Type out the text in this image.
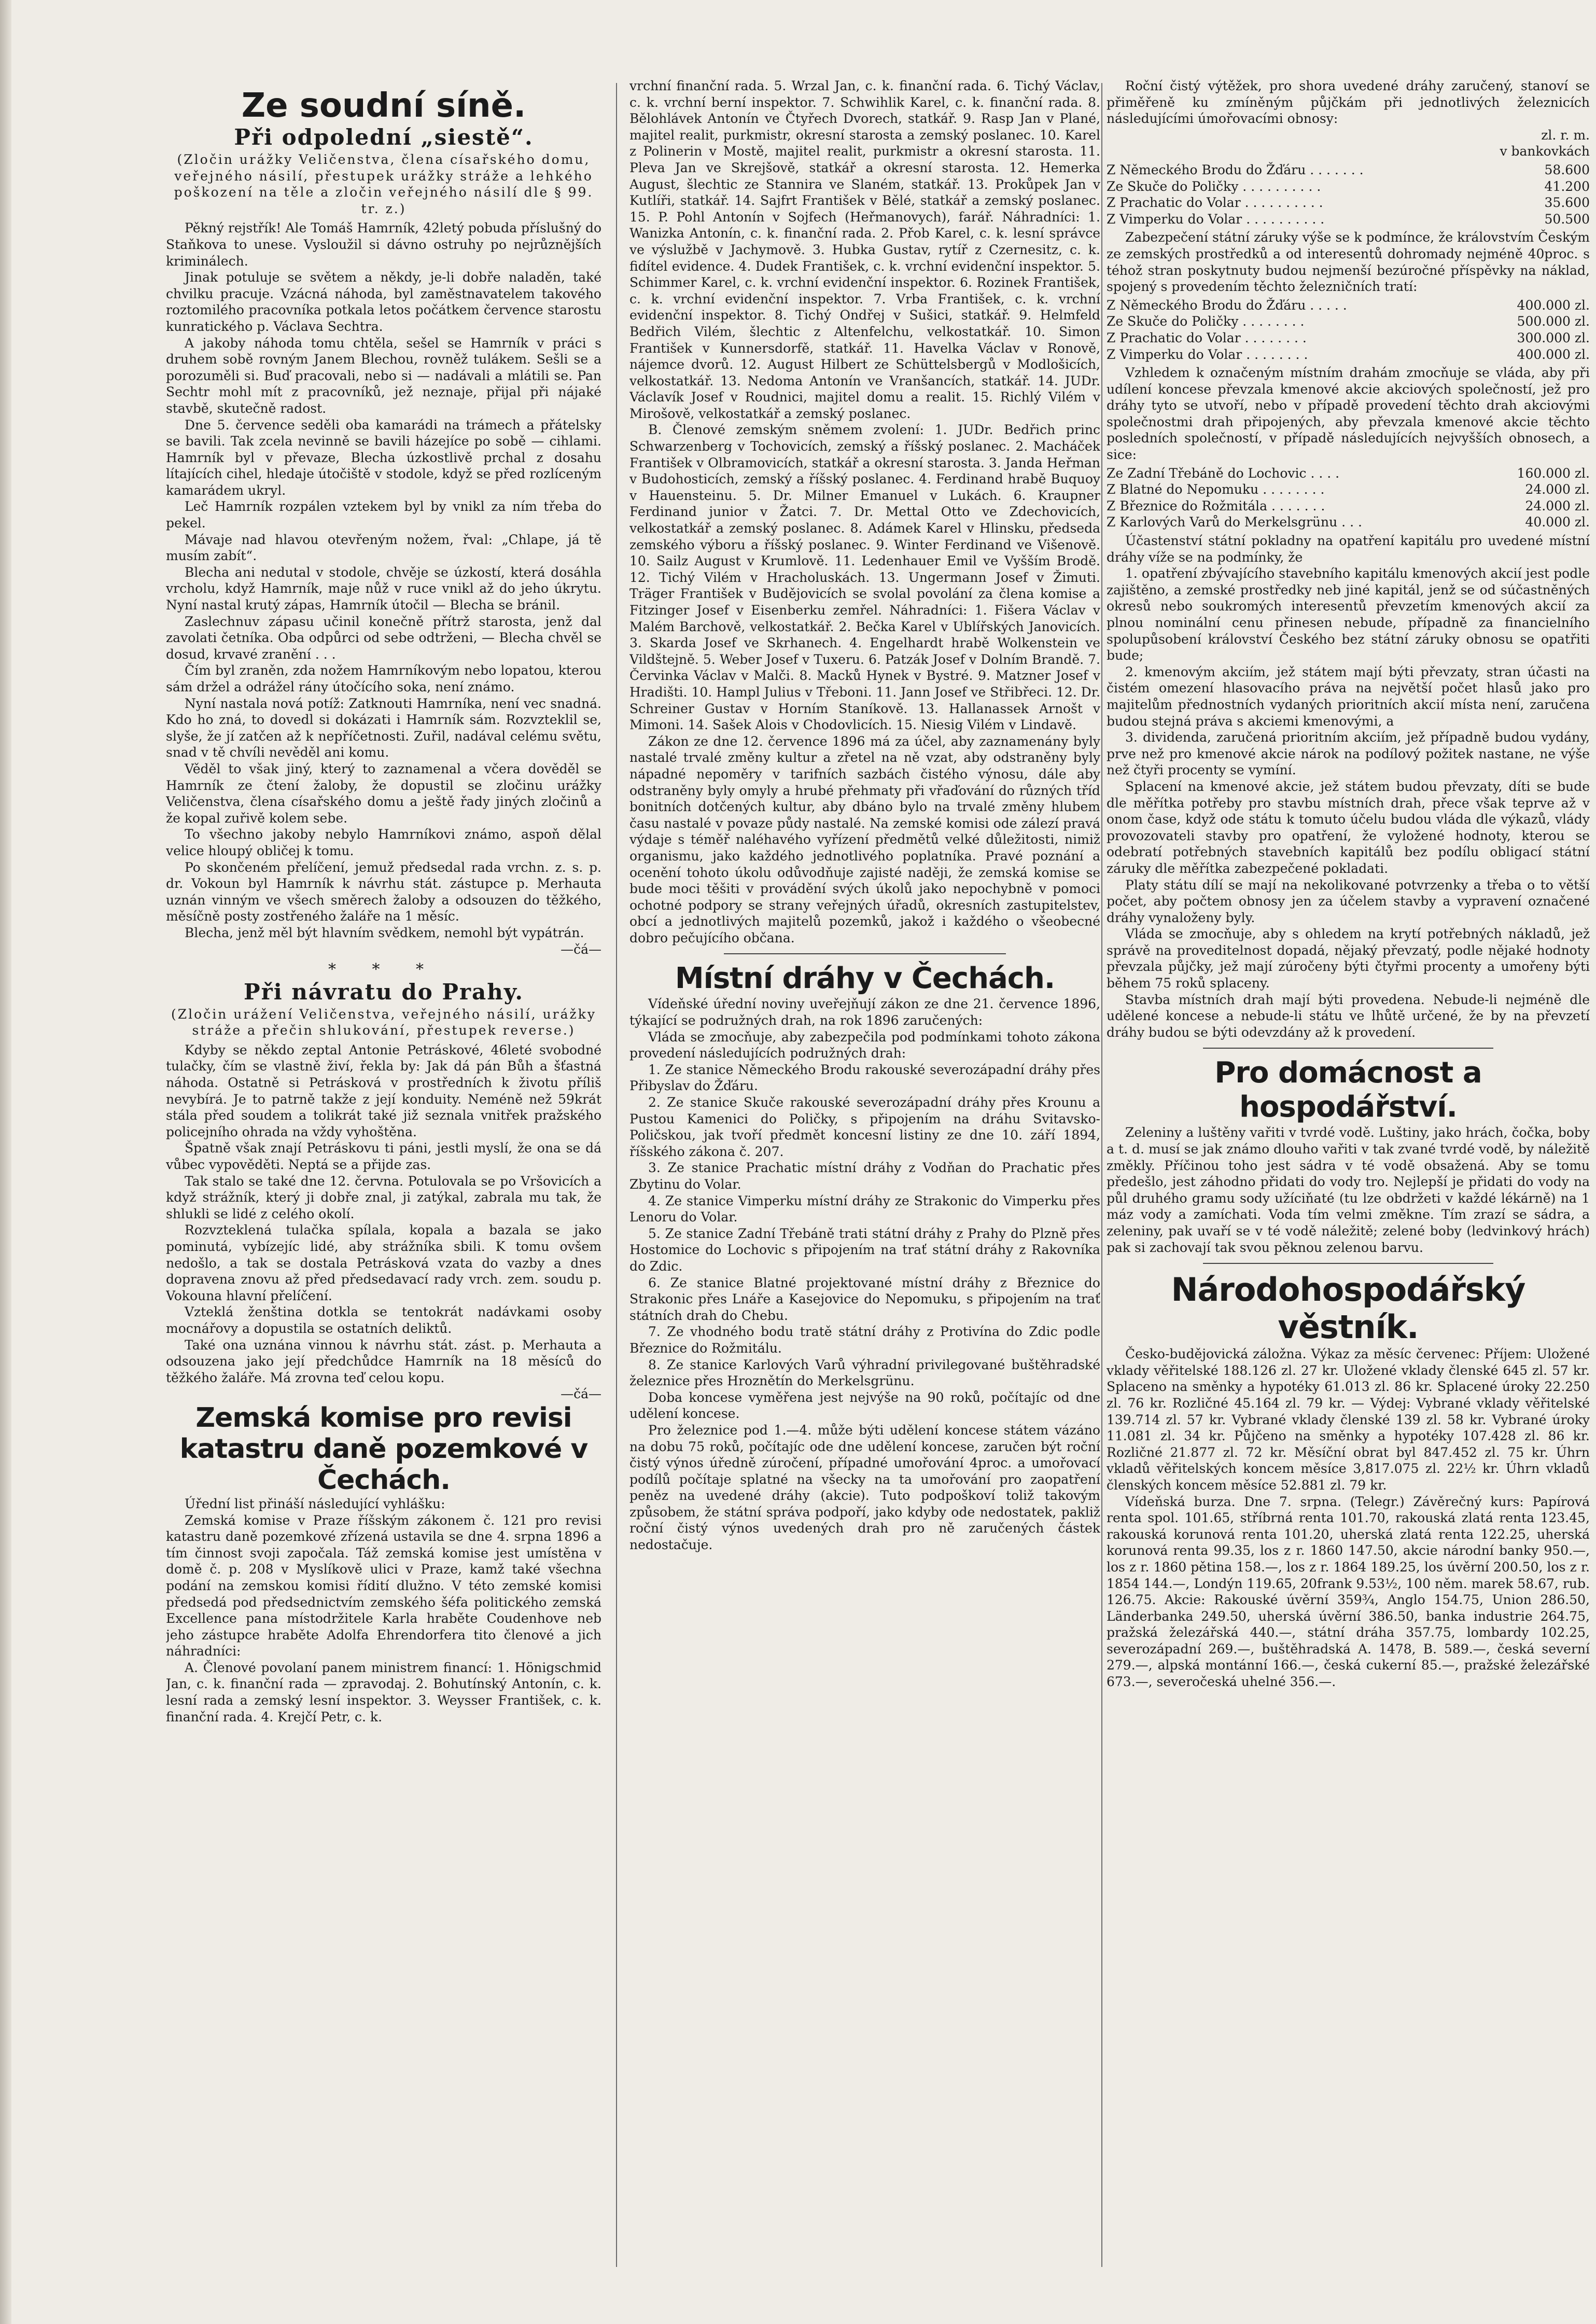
Ze soudní síně.
Při odpolední „siestě“.
(Zločin urážky Veličenstva, člena císařského domu, veřejného násilí, přestupek urážky stráže a lehkého poškození na těle a zločin veřejného násilí dle § 99. tr. z.)

Pěkný rejstřík! Ale Tomáš Hamrník, 42letý pobuda příslušný do Staňkova to unese. Vysloužil si dávno ostruhy po nejrůznějších kriminálech.

Jinak potuluje se světem a někdy, je-li dobře naladěn, také chvilku pracuje. Vzácná náhoda, byl zaměstnavatelem takového roztomilého pracovníka potkala letos počátkem července starostu kunratického p. Václava Sechtra.

A jakoby náhoda tomu chtěla, sešel se Hamrník v práci s druhem sobě rovným Janem Blechou, rovněž tulákem. Sešli se a porozuměli si. Buď pracovali, nebo si — nadávali a mlátili se. Pan Sechtr mohl mít z pracovníků, jež neznaje, přijal při nájaké stavbě, skutečně radost.

Dne 5. července seděli oba kamarádi na trámech a přátelsky se bavili. Tak zcela nevinně se bavili házejíce po sobě — cihlami. Hamrník byl v převaze, Blecha úzkostlivě prchal z dosahu lítajících cihel, hledaje útočiště v stodole, když se před rozlíceným kamarádem ukryl.

Leč Hamrník rozpálen vztekem byl by vnikl za ním třeba do pekel.

Mávaje nad hlavou otevřeným nožem, řval: „Chlape, já tě musím zabít“.

Blecha ani nedutal v stodole, chvěje se úzkostí, která dosáhla vrcholu, když Hamrník, maje nůž v ruce vnikl až do jeho úkrytu. Nyní nastal krutý zápas, Hamrník útočil — Blecha se bránil.

Zaslechnuv zápasu učinil konečně přítrž starosta, jenž dal zavolati četníka. Oba odpůrci od sebe odtrženi, — Blecha chvěl se dosud, krvavé zranění . . .

Čím byl zraněn, zda nožem Hamrníkovým nebo lopatou, kterou sám držel a odrážel rány útočícího soka, není známo.

Nyní nastala nová potíž: Zatknouti Hamrníka, není vec snadná. Kdo ho zná, to dovedl si dokázati i Hamrník sám. Rozvzteklil se, slyše, že jí zatčen až k nepříčetnosti. Zuřil, nadával celému světu, snad v tě chvíli nevěděl ani komu.

Věděl to však jiný, který to zaznamenal a včera dověděl se Hamrník ze čtení žaloby, že dopustil se zločinu urážky Veličenstva, člena císařského domu a ještě řady jiných zločinů a že kopal zuřivě kolem sebe.

To všechno jakoby nebylo Hamrníkovi známo, aspoň dělal velice hloupý obličej k tomu.

Po skončeném přelíčení, jemuž předsedal rada vrchn. z. s. p. dr. Vokoun byl Hamrník k návrhu stát. zástupce p. Merhauta uznán vinným ve všech směrech žaloby a odsouzen do těžkého, měsíčně posty zostřeného žaláře na 1 měsíc.

Blecha, jenž měl být hlavním svědkem, nemohl být vypátrán.

—čá—
* * *
Při návratu do Prahy.
(Zločin urážení Veličenstva, veřejného násilí, urážky stráže a přečin shlukování, přestupek reverse.)

Kdyby se někdo zeptal Antonie Petráskové, 46leté svobodné tulačky, čím se vlastně živí, řekla by: Jak dá pán Bůh a šťastná náhoda. Ostatně si Petrásková v prostředních k životu příliš nevybírá. Je to patrně takže z její konduity. Neméně než 59krát stála před soudem a tolikrát také již seznala vnitřek pražského policejního ohrada na vždy vyhoštěna.

Špatně však znají Petráskovu ti páni, jestli myslí, že ona se dá vůbec vypověděti. Neptá se a přijde zas.

Tak stalo se také dne 12. června. Potulovala se po Vršovicích a když strážník, který ji dobře znal, ji zatýkal, zabrala mu tak, že shlukli se lidé z celého okolí.

Rozvzteklená tulačka spílala, kopala a bazala se jako pominutá, vybízejíc lidé, aby strážníka sbili. K tomu ovšem nedošlo, a tak se dostala Petrásková vzata do vazby a dnes dopravena znovu až před předsedavací rady vrch. zem. soudu p. Vokouna hlavní přelíčení.

Vzteklá ženština dotkla se tentokrát nadávkami osoby mocnářovy a dopustila se ostatních deliktů.

Také ona uznána vinnou k návrhu stát. zást. p. Merhauta a odsouzena jako její předchůdce Hamrník na 18 měsíců do těžkého žaláře. Má zrovna teď celou kopu.

—čá—
Zemská komise pro revisi katastru daně pozemkové v Čechách.

Úřední list přináší následující vyhlášku:

Zemská komise v Praze říšským zákonem č. 121 pro revisi katastru daně pozemkové zřízená ustavila se dne 4. srpna 1896 a tím činnost svoji započala. Táž zemská komise jest umístěna v domě č. p. 208 v Myslíkově ulici v Praze, kamž také všechna podání na zemskou komisi řídití dlužno. V této zemské komisi předsedá pod předsednictvím zemského šéfa politického zemská Excellence pana místodržitele Karla hraběte Coudenhove neb jeho zástupce hraběte Adolfa Ehrendorfera tito členové a jich náhradníci:

A. Členové povolaní panem ministrem financí: 1. Hönigschmid Jan, c. k. finanční rada — zpravodaj. 2. Bohutínský Antonín, c. k. lesní rada a zemský lesní inspektor. 3. Weysser František, c. k. finanční rada. 4. Krejčí Petr, c. k.

vrchní finanční rada. 5. Wrzal Jan, c. k. finanční rada. 6. Tichý Václav, c. k. vrchní berní inspektor. 7. Schwihlik Karel, c. k. finanční rada. 8. Bělohlávek Antonín ve Čtyřech Dvorech, statkář. 9. Rasp Jan v Plané, majitel realit, purkmistr, okresní starosta a zemský poslanec. 10. Karel z Polinerin v Mostě, majitel realit, purkmistr a okresní starosta. 11. Pleva Jan ve Skrejšově, statkář a okresní starosta. 12. Hemerka August, šlechtic ze Stannira ve Slaném, statkář. 13. Prokůpek Jan v Kutlíři, statkář. 14. Sajfrt František v Bělé, statkář a zemský poslanec. 15. P. Pohl Antonín v Sojfech (Heřmanovych), farář. Náhradníci: 1. Wanizka Antonín, c. k. finanční rada. 2. Přob Karel, c. k. lesní správce ve výslužbě v Jachymově. 3. Hubka Gustav, rytíř z Czernesitz, c. k. fidítel evidence. 4. Dudek František, c. k. vrchní evidenční inspektor. 5. Schimmer Karel, c. k. vrchní evidenční inspektor. 6. Rozinek František, c. k. vrchní evidenční inspektor. 7. Vrba František, c. k. vrchní evidenční inspektor. 8. Tichý Ondřej v Sušici, statkář. 9. Helmfeld Bedřich Vilém, šlechtic z Altenfelchu, velkostatkář. 10. Simon František v Kunnersdorfě, statkář. 11. Havelka Václav v Ronově, nájemce dvorů. 12. August Hilbert ze Schüttelsbergů v Modlošicích, velkostatkář. 13. Nedoma Antonín ve Vranšancích, statkář. 14. JUDr. Václavík Josef v Roudnici, majitel domu a realit. 15. Richlý Vilém v Mirošově, velkostatkář a zemský poslanec.

B. Členové zemským sněmem zvolení: 1. JUDr. Bedřich princ Schwarzenberg v Tochovicích, zemský a říšský poslanec. 2. Macháček František v Olbramovicích, statkář a okresní starosta. 3. Janda Heřman v Budohosticích, zemský a říšský poslanec. 4. Ferdinand hrabě Buquoy v Hauensteinu. 5. Dr. Milner Emanuel v Lukách. 6. Kraupner Ferdinand junior v Žatci. 7. Dr. Mettal Otto ve Zdechovicích, velkostatkář a zemský poslanec. 8. Adámek Karel v Hlinsku, předseda zemského výboru a říšský poslanec. 9. Winter Ferdinand ve Višenově. 10. Sailz August v Krumlově. 11. Ledenhauer Emil ve Vyšším Brodě. 12. Tichý Vilém v Hracholuskách. 13. Ungermann Josef v Žimuti. Träger František v Budějovicích se svolal povolání za člena komise a Fitzinger Josef v Eisenberku zemřel. Náhradníci: 1. Fišera Václav v Malém Barchově, velkostatkář. 2. Bečka Karel v Ublířských Janovicích. 3. Skarda Josef ve Skrhanech. 4. Engelhardt hrabě Wolkenstein ve Vildštejně. 5. Weber Josef v Tuxeru. 6. Patzák Josef v Dolním Brandě. 7. Červinka Václav v Malči. 8. Macků Hynek v Bystré. 9. Matzner Josef v Hradišti. 10. Hampl Julius v Třeboni. 11. Jann Josef ve Střibřeci. 12. Dr. Schreiner Gustav v Horním Staníkově. 13. Hallanassek Arnošt v Mimoni. 14. Sašek Alois v Chodovlicích. 15. Niesig Vilém v Lindavě.

Zákon ze dne 12. července 1896 má za účel, aby zaznamenány byly nastalé trvalé změny kultur a zřetel na ně vzat, aby odstraněny byly nápadné nepoměry v tarifních sazbách čistého výnosu, dále aby odstraněny byly omyly a hrubé přehmaty při vřaďování do různých tříd bonitních dotčených kultur, aby dbáno bylo na trvalé změny hlubem času nastalé v povaze půdy nastalé. Na zemské komisi ode zálezí pravá výdaje s téměř naléhavého vyřízení předmětů velké důležitosti, nimiž organismu, jako každého jednotlivého poplatníka. Pravé poznání a ocenění tohoto úkolu odůvodňuje zajisté naději, že zemská komise se bude moci těšiti v provádění svých úkolů jako nepochybně v pomoci ochotné podpory se strany veřejných úřadů, okresních zastupitelstev, obcí a jednotlivých majitelů pozemků, jakož i každého o všeobecné dobro pečujícího občana.

Místní dráhy v Čechách.

Vídeňské úřední noviny uveřejňují zákon ze dne 21. července 1896, týkající se podružných drah, na rok 1896 zaručených:

Vláda se zmocňuje, aby zabezpečila pod podmínkami tohoto zákona provedení následujících podružných drah:

1. Ze stanice Německého Brodu rakouské severozápadní dráhy přes Přibyslav do Žďáru.

2. Ze stanice Skuče rakouské severozápadní dráhy přes Krounu a Pustou Kamenici do Poličky, s připojením na dráhu Svitavsko-Poličskou, jak tvoří předmět koncesní listiny ze dne 10. září 1894, říšského zákona č. 207.

3. Ze stanice Prachatic místní dráhy z Vodňan do Prachatic přes Zbytinu do Volar.

4. Ze stanice Vimperku místní dráhy ze Strakonic do Vimperku přes Lenoru do Volar.

5. Ze stanice Zadní Třebáně trati státní dráhy z Prahy do Plzně přes Hostomice do Lochovic s připojením na trať státní dráhy z Rakovníka do Zdic.

6. Ze stanice Blatné projektované místní dráhy z Březnice do Strakonic přes Lnáře a Kasejovice do Nepomuku, s připojením na trať státních drah do Chebu.

7. Ze vhodného bodu tratě státní dráhy z Protivína do Zdic podle Březnice do Rožmitálu.

8. Ze stanice Karlových Varů výhradní privilegované buštěhradské železnice přes Hroznětín do Merkelsgrünu.

Doba koncese vyměřena jest nejvýše na 90 roků, počítajíc od dne udělení koncese.

Pro železnice pod 1.—4. může býti udělení koncese státem vázáno na dobu 75 roků, počítajíc ode dne udělení koncese, zaručen být roční čistý výnos úředně zúročení, případné umořování 4proc. a umořovací podílů počítaje splatné na všecky na ta umořování pro zaopatření peněz na uvedené dráhy (akcie). Tuto podpoškoví toliž takovým způsobem, že státní správa podpoří, jako kdyby ode nedostatek, pakliž roční čistý výnos uvedených drah pro ně zaručených částek nedostačuje.

Roční čistý výtěžek, pro shora uvedené dráhy zaručený, stanoví se přiměřeně ku zmíněným půjčkám při jednotlivých železnicích následujícími úmořovacími obnosy:

zl. r. m.
v bankovkách
Z Německého Brodu do Žďáru . . . . . . .	58.600
Ze Skuče do Poličky . . . . . . . . . .	41.200
Z Prachatic do Volar . . . . . . . . . .	35.600
Z Vimperku do Volar . . . . . . . . . .	50.500

Zabezpečení státní záruky výše se k podmínce, že královstvím Českým ze zemských prostředků a od interesentů dohromady nejméně 40proc. s téhož stran poskytnuty budou nejmenší bezúročné příspěvky na náklad, spojený s provedením těchto železničních tratí:

Z Německého Brodu do Žďáru . . . . .	400.000 zl.
Ze Skuče do Poličky . . . . . . . .	500.000 zl.
Z Prachatic do Volar . . . . . . . .	300.000 zl.
Z Vimperku do Volar . . . . . . . .	400.000 zl.

Vzhledem k označeným místním drahám zmocňuje se vláda, aby při udílení koncese převzala kmenové akcie akciových společností, jež pro dráhy tyto se utvoří, nebo v případě provedení těchto drah akciovými společnostmi drah připojených, aby převzala kmenové akcie těchto posledních společností, v případě následujících nejvyšších obnosech, a sice:

Ze Zadní Třebáně do Lochovic . . . .	160.000 zl.
Z Blatné do Nepomuku . . . . . . . .	24.000 zl.
Z Březnice do Rožmitála . . . . . . .	24.000 zl.
Z Karlových Varů do Merkelsgrünu . . .	40.000 zl.

Účastenství státní pokladny na opatření kapitálu pro uvedené místní dráhy víže se na podmínky, že

1. opatření zbývajícího stavebního kapitálu kmenových akcií jest podle zajištěno, a zemské prostředky neb jiné kapitál, jenž se od súčastněných okresů nebo soukromých interesentů převzetím kmenových akcií za plnou nominální cenu přinesen nebude, případně za financielního spolupůsobení království Českého bez státní záruky obnosu se opatřiti bude;

2. kmenovým akciím, jež státem mají býti převzaty, stran účasti na čistém omezení hlasovacího práva na největší počet hlasů jako pro majitelům přednostních vydaných prioritních akcií místa není, zaručena budou stejná práva s akciemi kmenovými, a

3. dividenda, zaručená prioritním akciím, jež případně budou vydány, prve než pro kmenové akcie nárok na podílový požitek nastane, ne výše než čtyři procenty se vymíní.

Splacení na kmenové akcie, jež státem budou převzaty, díti se bude dle měřítka potřeby pro stavbu místních drah, přece však teprve až v onom čase, když ode státu k tomuto účelu budou vláda dle výkazů, vlády provozovateli stavby pro opatření, že vyložené hodnoty, kterou se odebratí potřebných stavebních kapitálů bez podílu obligací státní záruky dle měřítka zabezpečené pokladati.

Platy státu dílí se mají na nekolikované potvrzenky a třeba o to větší počet, aby počtem obnosy jen za účelem stavby a vypravení označené dráhy vynaloženy byly.

Vláda se zmocňuje, aby s ohledem na krytí potřebných nákladů, jež správě na proveditelnost dopadá, nějaký převzatý, podle nějaké hodnoty převzala půjčky, jež mají zúročeny býti čtyřmi procenty a umořeny býti během 75 roků splaceny.

Stavba místních drah mají býti provedena. Nebude-li nejméně dle udělené koncese a nebude-li státu ve lhůtě určené, že by na převzetí dráhy budou se býti odevzdány až k provedení.

Pro domácnost a hospodářství.

Zeleniny a luštěny vařiti v tvrdé vodě. Luštiny, jako hrách, čočka, boby a t. d. musí se jak známo dlouho vařiti v tak zvané tvrdé vodě, by náležitě změkly. Příčinou toho jest sádra v té vodě obsažená. Aby se tomu předešlo, jest záhodno přidati do vody tro. Nejlepší je přidati do vody na půl druhého gramu sody užíciňaté (tu lze obdržeti v každé lékárně) na 1 máz vody a zamíchati. Voda tím velmi změkne. Tím zrazí se sádra, a zeleniny, pak uvaří se v té vodě náležitě; zelené boby (ledvinkový hrách) pak si zachovají tak svou pěknou zelenou barvu.

Národohospodářský věstník.

Česko-budějovická záložna. Výkaz za měsíc červenec: Příjem: Uložené vklady věřitelské 188.126 zl. 27 kr. Uložené vklady členské 645 zl. 57 kr. Splaceno na směnky a hypotéky 61.013 zl. 86 kr. Splacené úroky 22.250 zl. 76 kr. Rozličné 45.164 zl. 79 kr. — Výdej: Vybrané vklady věřitelské 139.714 zl. 57 kr. Vybrané vklady členské 139 zl. 58 kr. Vybrané úroky 11.081 zl. 34 kr. Půjčeno na směnky a hypotéky 107.428 zl. 86 kr. Rozličné 21.877 zl. 72 kr. Měsíční obrat byl 847.452 zl. 75 kr. Úhrn vkladů věřitelských koncem měsíce 3,817.075 zl. 22½ kr. Úhrn vkladů členských koncem měsíce 52.881 zl. 79 kr.

Vídeňská burza. Dne 7. srpna. (Telegr.) Závěrečný kurs: Papírová renta spol. 101.65, stříbrná renta 101.70, rakouská zlatá renta 123.45, rakouská korunová renta 101.20, uherská zlatá renta 122.25, uherská korunová renta 99.35, los z r. 1860 147.50, akcie národní banky 950.—, los z r. 1860 pětina 158.—, los z r. 1864 189.25, los úvěrní 200.50, los z r. 1854 144.—, Londýn 119.65, 20frank 9.53½, 100 něm. marek 58.67, rub. 126.75. Akcie: Rakouské úvěrní 359¾, Anglo 154.75, Union 286.50, Länderbanka 249.50, uherská úvěrní 386.50, banka industrie 264.75, pražská železářská 440.—, státní dráha 357.75, lombardy 102.25, severozápadní 269.—, buštěhradská A. 1478, B. 589.—, česká severní 279.—, alpská montánní 166.—, česká cukerní 85.—, pražské železářské 673.—, severočeská uhelné 356.—.
